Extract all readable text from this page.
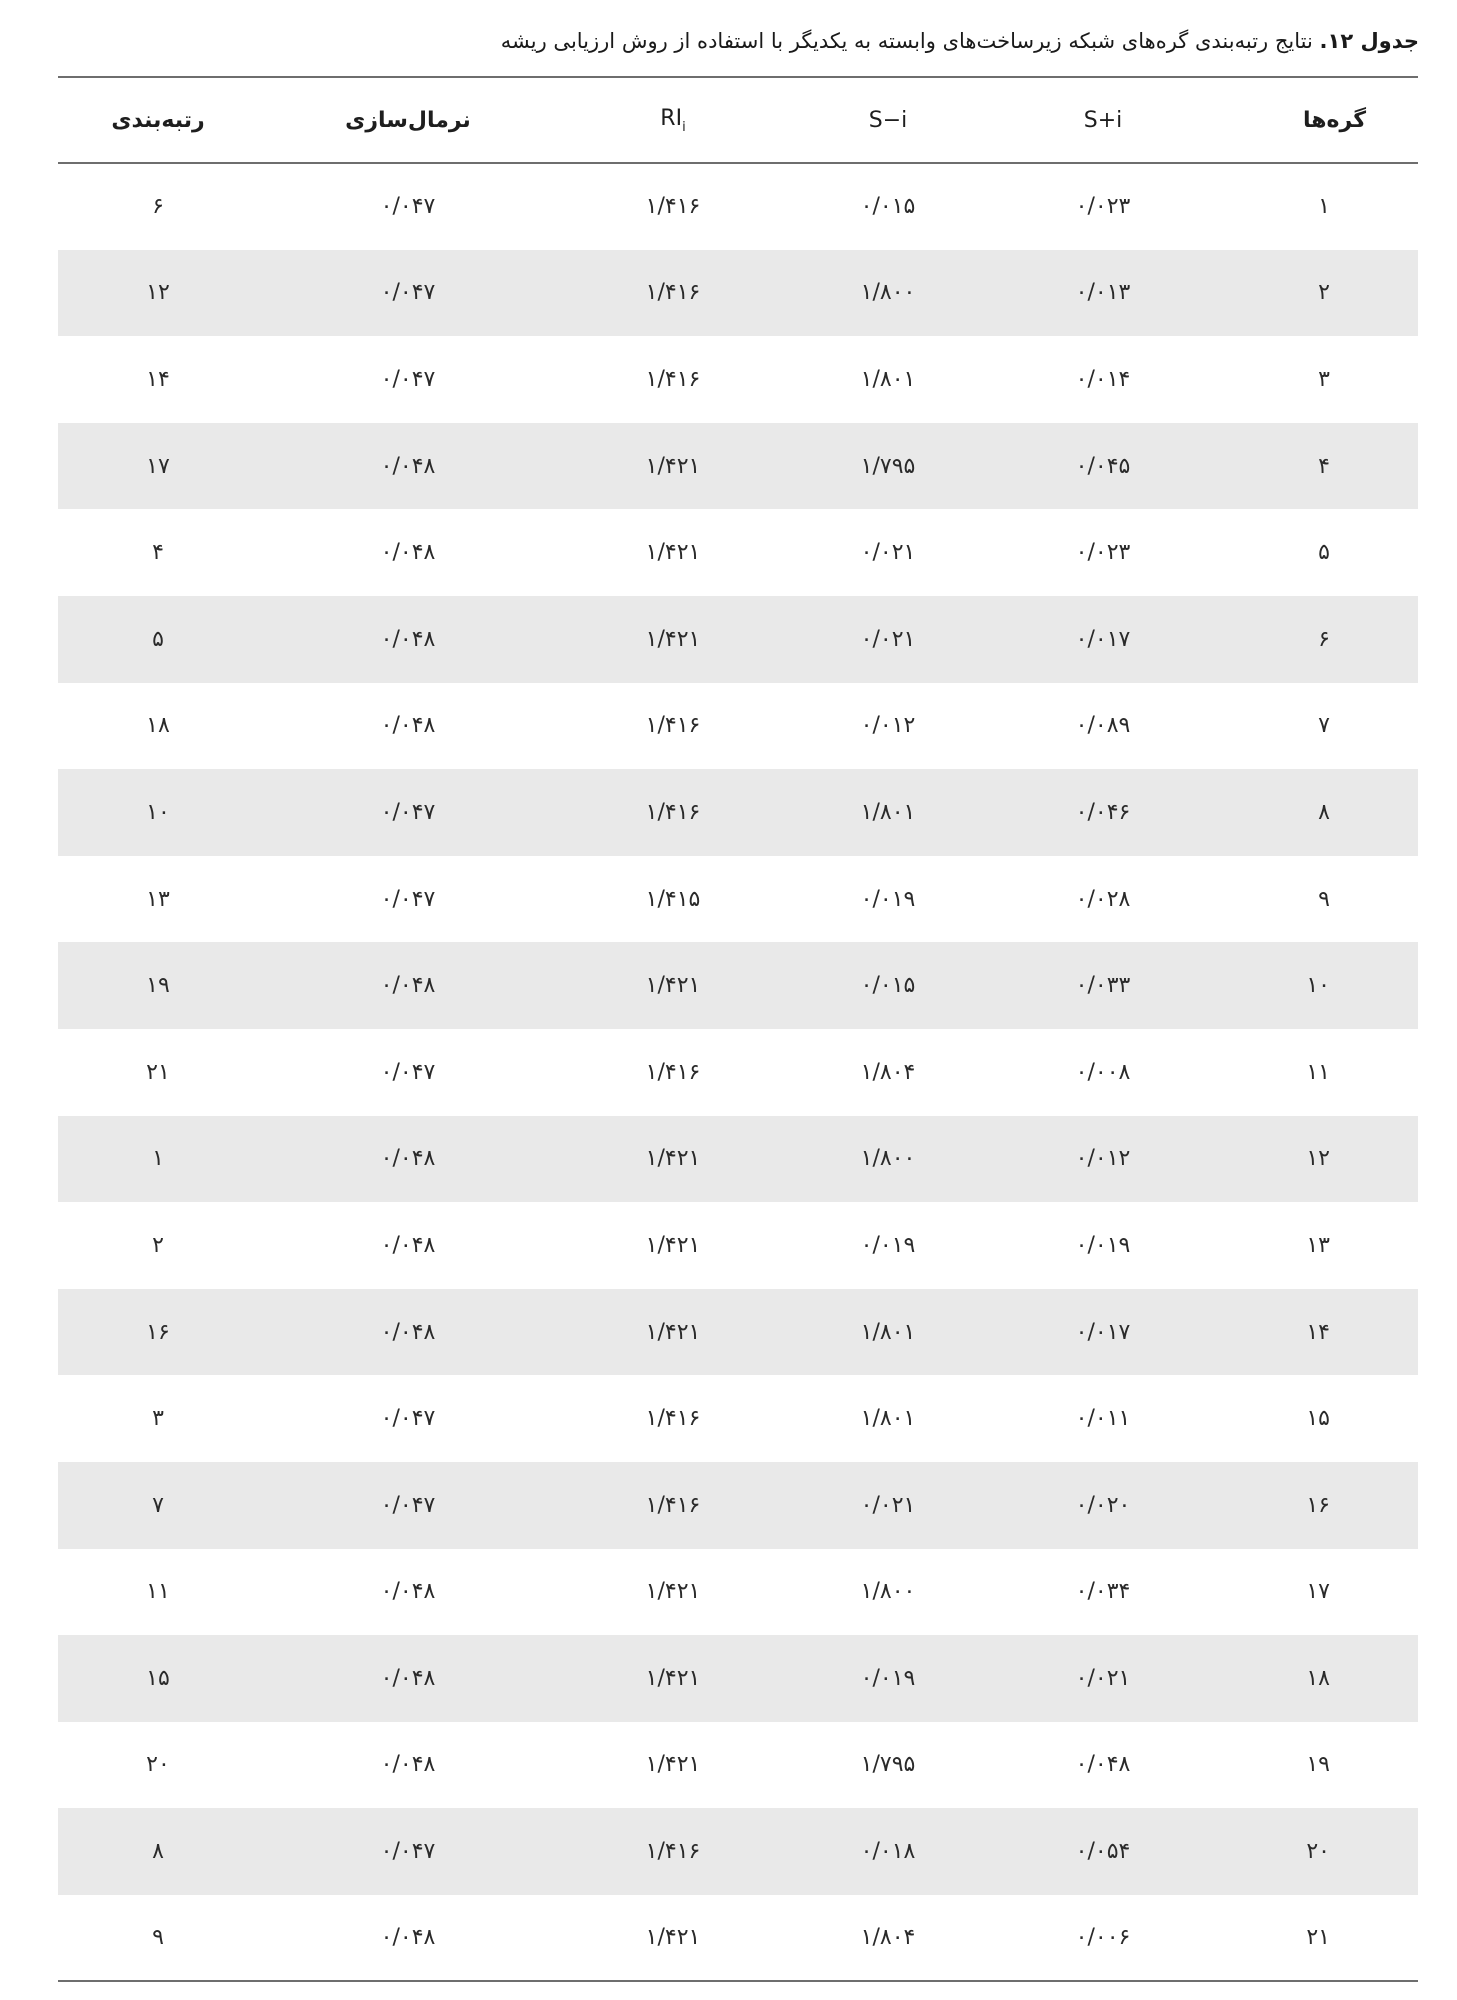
جدول ۱۲. نتایج رتبه‌بندی گره‌های شبکه زیرساخت‌های وابسته به یکدیگر با استفاده از روش ارزیابی ریشه
گره‌ها	S+i	S−i	$RI_i$	نرمال‌سازی	رتبه‌بندی
۱	۰/۰۲۳	۰/۰۱۵	۱/۴۱۶	۰/۰۴۷	۶
۲	۰/۰۱۳	۱/۸۰۰	۱/۴۱۶	۰/۰۴۷	۱۲
۳	۰/۰۱۴	۱/۸۰۱	۱/۴۱۶	۰/۰۴۷	۱۴
۴	۰/۰۴۵	۱/۷۹۵	۱/۴۲۱	۰/۰۴۸	۱۷
۵	۰/۰۲۳	۰/۰۲۱	۱/۴۲۱	۰/۰۴۸	۴
۶	۰/۰۱۷	۰/۰۲۱	۱/۴۲۱	۰/۰۴۸	۵
۷	۰/۰۸۹	۰/۰۱۲	۱/۴۱۶	۰/۰۴۸	۱۸
۸	۰/۰۴۶	۱/۸۰۱	۱/۴۱۶	۰/۰۴۷	۱۰
۹	۰/۰۲۸	۰/۰۱۹	۱/۴۱۵	۰/۰۴۷	۱۳
۱۰	۰/۰۳۳	۰/۰۱۵	۱/۴۲۱	۰/۰۴۸	۱۹
۱۱	۰/۰۰۸	۱/۸۰۴	۱/۴۱۶	۰/۰۴۷	۲۱
۱۲	۰/۰۱۲	۱/۸۰۰	۱/۴۲۱	۰/۰۴۸	۱
۱۳	۰/۰۱۹	۰/۰۱۹	۱/۴۲۱	۰/۰۴۸	۲
۱۴	۰/۰۱۷	۱/۸۰۱	۱/۴۲۱	۰/۰۴۸	۱۶
۱۵	۰/۰۱۱	۱/۸۰۱	۱/۴۱۶	۰/۰۴۷	۳
۱۶	۰/۰۲۰	۰/۰۲۱	۱/۴۱۶	۰/۰۴۷	۷
۱۷	۰/۰۳۴	۱/۸۰۰	۱/۴۲۱	۰/۰۴۸	۱۱
۱۸	۰/۰۲۱	۰/۰۱۹	۱/۴۲۱	۰/۰۴۸	۱۵
۱۹	۰/۰۴۸	۱/۷۹۵	۱/۴۲۱	۰/۰۴۸	۲۰
۲۰	۰/۰۵۴	۰/۰۱۸	۱/۴۱۶	۰/۰۴۷	۸
۲۱	۰/۰۰۶	۱/۸۰۴	۱/۴۲۱	۰/۰۴۸	۹
